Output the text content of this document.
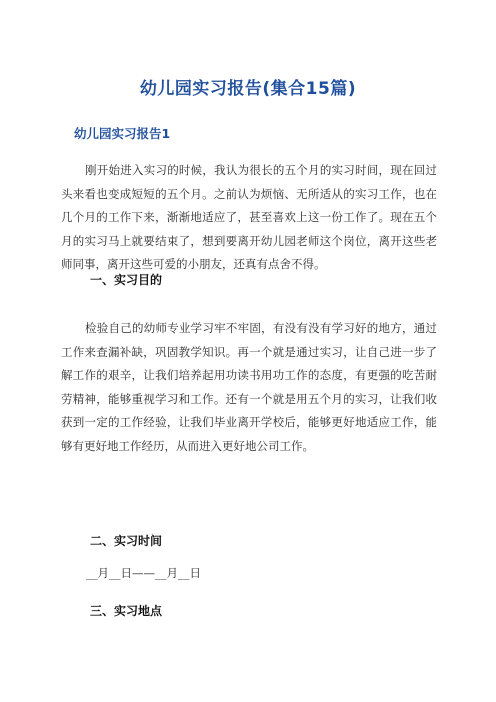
幼儿园实习报告(集合15篇)
幼儿园实习报告1

刚开始进入实习的时候，我认为很长的五个月的实习时间，现在回过头来看也变成短短的五个月。之前认为烦恼、无所适从的实习工作，也在几个月的工作下来，渐渐地适应了，甚至喜欢上这一份工作了。现在五个月的实习马上就要结束了，想到要离开幼儿园老师这个岗位，离开这些老师同事，离开这些可爱的小朋友，还真有点舍不得。

一、实习目的

检验自己的幼师专业学习牢不牢固，有没有没有学习好的地方，通过工作来查漏补缺，巩固教学知识。再一个就是通过实习，让自己进一步了解工作的艰辛，让我们培养起用功读书用功工作的态度，有更强的吃苦耐劳精神，能够重视学习和工作。还有一个就是用五个月的实习，让我们收获到一定的工作经验，让我们毕业离开学校后，能够更好地适应工作，能够有更好地工作经历，从而进入更好地公司工作。

二、实习时间

__月__日——__月__日

三、实习地点
